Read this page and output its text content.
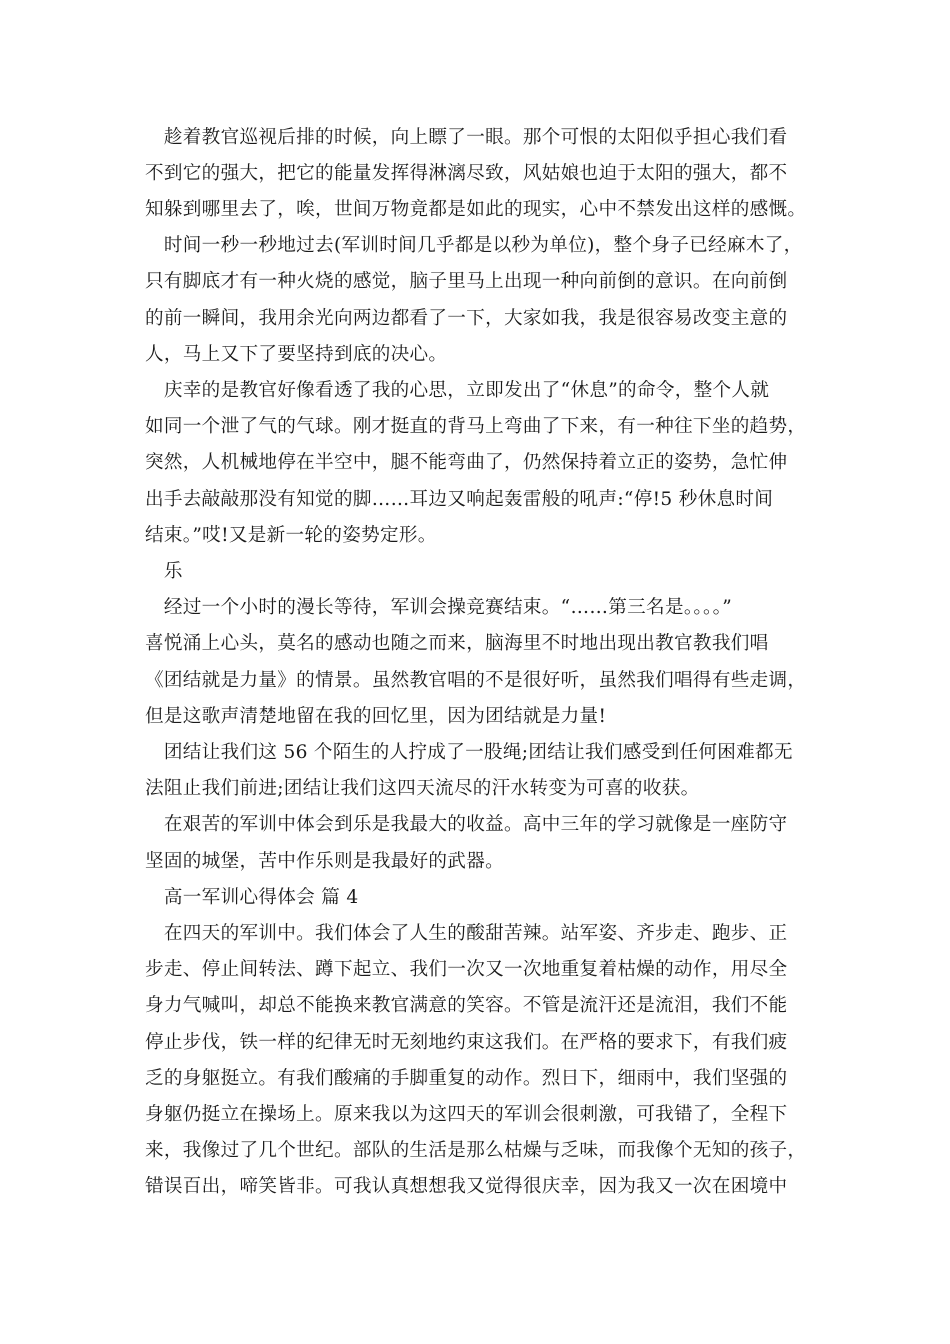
　趁着教官巡视后排的时候，向上瞟了一眼。那个可恨的太阳似乎担心我们看
不到它的强大，把它的能量发挥得淋漓尽致，风姑娘也迫于太阳的强大，都不
知躲到哪里去了，唉，世间万物竟都是如此的现实，心中不禁发出这样的感慨。
　时间一秒一秒地过去(军训时间几乎都是以秒为单位)，整个身子已经麻木了，
只有脚底才有一种火烧的感觉，脑子里马上出现一种向前倒的意识。在向前倒
的前一瞬间，我用余光向两边都看了一下，大家如我，我是很容易改变主意的
人，马上又下了要坚持到底的决心。
　庆幸的是教官好像看透了我的心思，立即发出了“休息”的命令，整个人就
如同一个泄了气的气球。刚才挺直的背马上弯曲了下来，有一种往下坐的趋势，
突然，人机械地停在半空中，腿不能弯曲了，仍然保持着立正的姿势，急忙伸
出手去敲敲那没有知觉的脚……耳边又响起轰雷般的吼声:“停!5 秒休息时间
结束。”哎!又是新一轮的姿势定形。
　乐
　经过一个小时的漫长等待，军训会操竞赛结束。“……第三名是。。。。”
喜悦涌上心头，莫名的感动也随之而来，脑海里不时地出现出教官教我们唱
《团结就是力量》的情景。虽然教官唱的不是很好听，虽然我们唱得有些走调，
但是这歌声清楚地留在我的回忆里，因为团结就是力量!
　团结让我们这 56 个陌生的人拧成了一股绳;团结让我们感受到任何困难都无
法阻止我们前进;团结让我们这四天流尽的汗水转变为可喜的收获。
　在艰苦的军训中体会到乐是我最大的收益。高中三年的学习就像是一座防守
坚固的城堡，苦中作乐则是我最好的武器。
　高一军训心得体会 篇 4
　在四天的军训中。我们体会了人生的酸甜苦辣。站军姿、齐步走、跑步、正
步走、停止间转法、蹲下起立、我们一次又一次地重复着枯燥的动作，用尽全
身力气喊叫，却总不能换来教官满意的笑容。不管是流汗还是流泪，我们不能
停止步伐，铁一样的纪律无时无刻地约束这我们。在严格的要求下，有我们疲
乏的身躯挺立。有我们酸痛的手脚重复的动作。烈日下，细雨中，我们坚强的
身躯仍挺立在操场上。原来我以为这四天的军训会很刺激，可我错了，全程下
来，我像过了几个世纪。部队的生活是那么枯燥与乏味，而我像个无知的孩子，
错误百出，啼笑皆非。可我认真想想我又觉得很庆幸，因为我又一次在困境中
